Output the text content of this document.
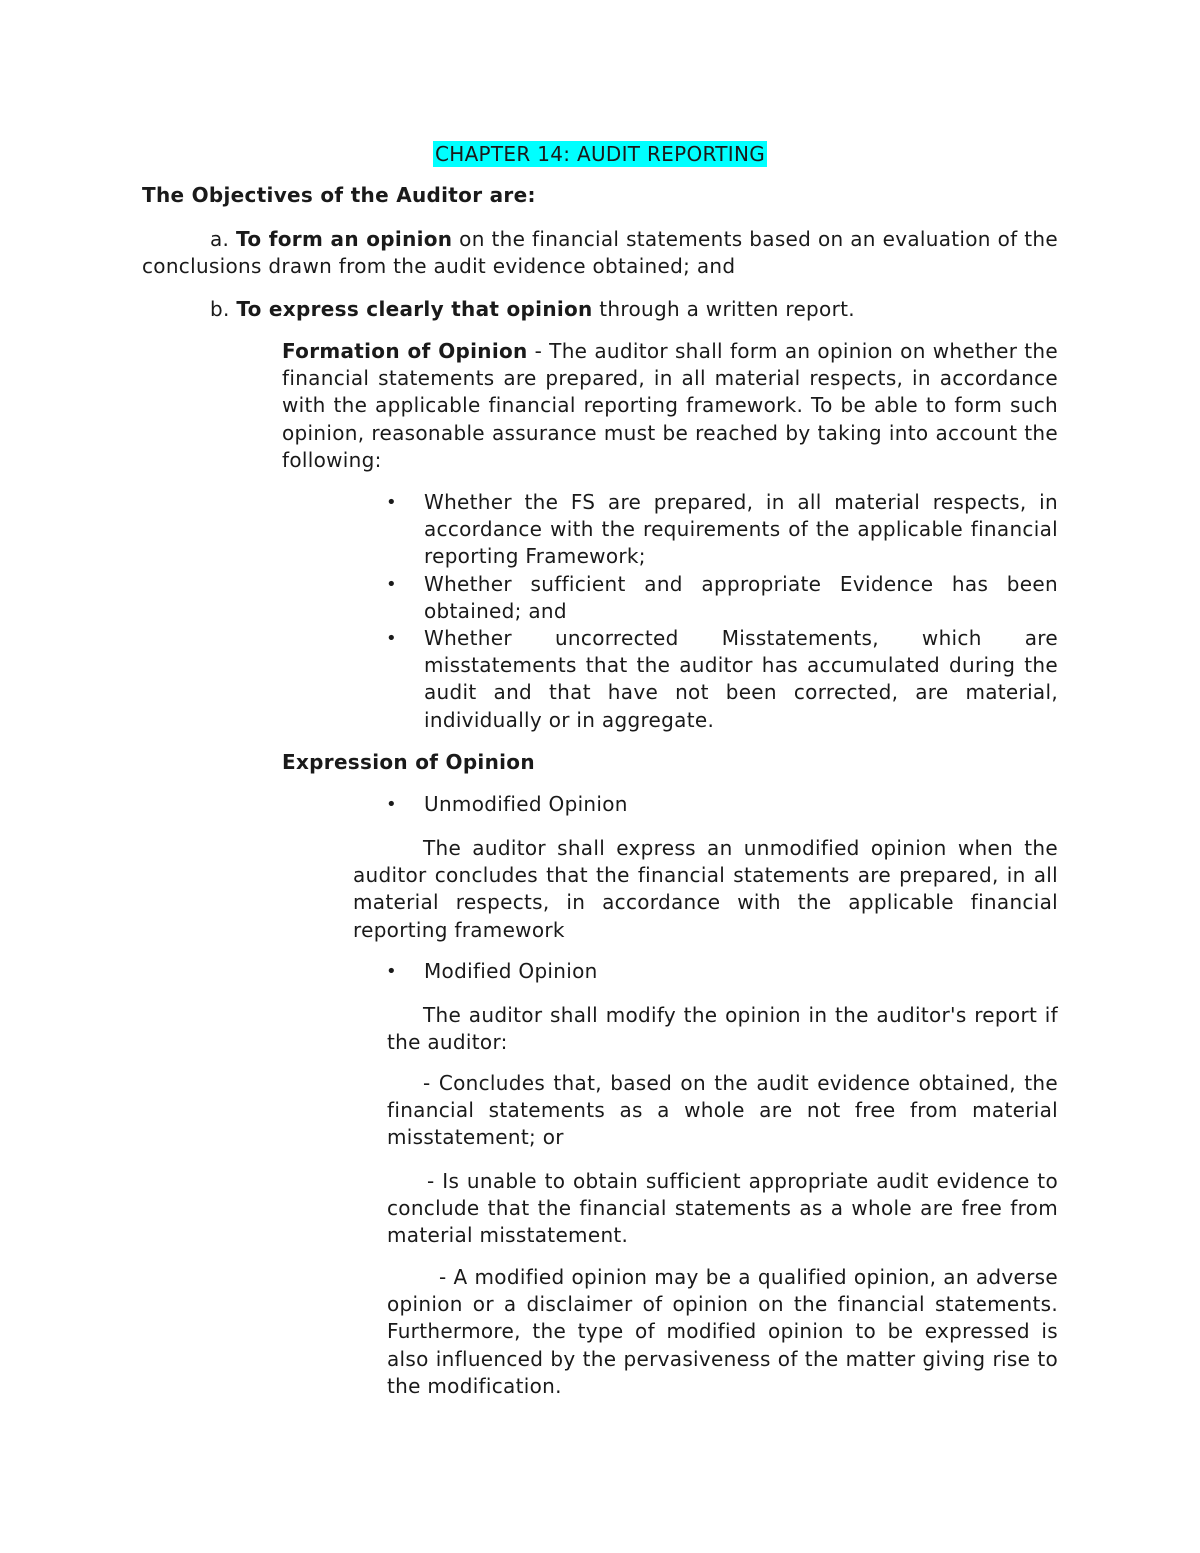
CHAPTER 14: AUDIT REPORTING

The Objectives of the Auditor are:

a. To form an opinion on the financial statements based on an evaluation of the conclusions drawn from the audit evidence obtained; and

b. To express clearly that opinion through a written report.

Formation of Opinion - The auditor shall form an opinion on whether the financial statements are prepared, in all material respects, in accordance with the applicable financial reporting framework. To be able to form such opinion, reasonable assurance must be reached by taking into account the following:

•	Whether the FS are prepared, in all material respects, in accordance with the requirements of the applicable financial reporting Framework;
•	Whether sufficient and appropriate Evidence has been obtained; and
•	Whether uncorrected Misstatements, which are misstatements that the auditor has accumulated during the audit and that have not been corrected, are material, individually or in aggregate.

Expression of Opinion

•	Unmodified Opinion

The auditor shall express an unmodified opinion when the auditor concludes that the financial statements are prepared, in all material respects, in accordance with the applicable financial reporting framework

•	Modified Opinion

The auditor shall modify the opinion in the auditor's report if the auditor:

- Concludes that, based on the audit evidence obtained, the financial statements as a whole are not free from material misstatement; or

- Is unable to obtain sufficient appropriate audit evidence to conclude that the financial statements as a whole are free from material misstatement.

- A modified opinion may be a qualified opinion, an adverse opinion or a disclaimer of opinion on the financial statements. Furthermore, the type of modified opinion to be expressed is also influenced by the pervasiveness of the matter giving rise to the modification.
